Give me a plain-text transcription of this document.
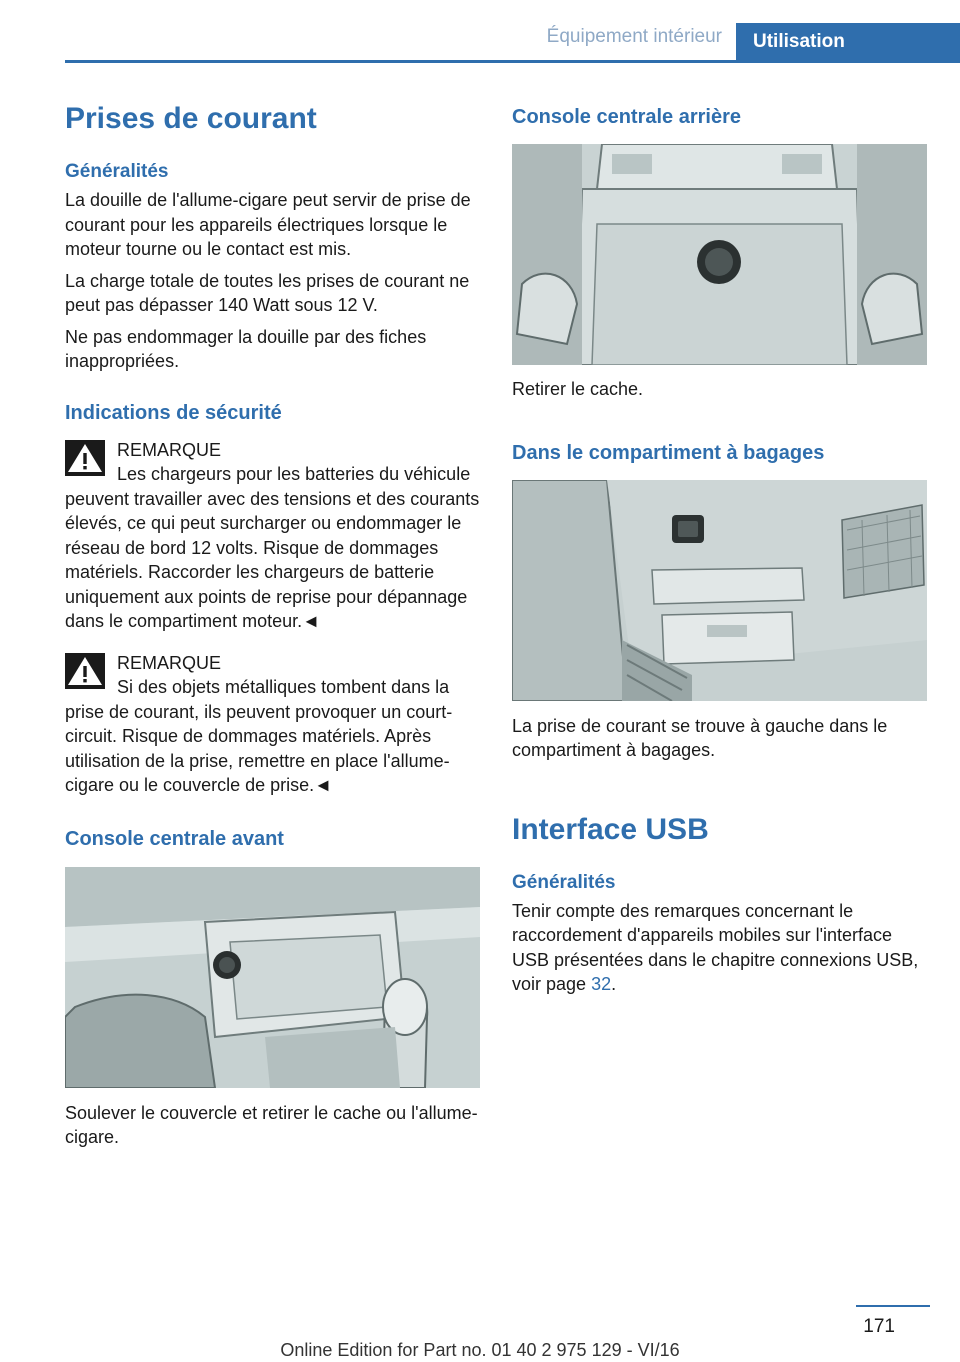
Équipement intérieur	Utilisation
Prises de courant
Généralités

La douille de l'allume-cigare peut servir de prise de courant pour les appareils électriques lorsque le moteur tourne ou le contact est mis.

La charge totale de toutes les prises de courant ne peut pas dépasser 140 Watt sous 12 V.

Ne pas endommager la douille par des fiches inappropriées.

Indications de sécurité
REMARQUE
Les chargeurs pour les batteries du véhicule peuvent travailler avec des tensions et des courants élevés, ce qui peut surcharger ou endommager le réseau de bord 12 volts. Risque de dommages matériels. Raccorder les chargeurs de batterie uniquement aux points de reprise pour dépannage dans le compartiment moteur.◄
REMARQUE
Si des objets métalliques tombent dans la prise de courant, ils peuvent provoquer un court-circuit. Risque de dommages matériels. Après utilisation de la prise, remettre en place l'allume-cigare ou le couvercle de prise.◄
Console centrale avant

Soulever le couvercle et retirer le cache ou l'allume-cigare.

Console centrale arrière

Retirer le cache.

Dans le compartiment à bagages

La prise de courant se trouve à gauche dans le compartiment à bagages.

Interface USB
Généralités

Tenir compte des remarques concernant le raccordement d'appareils mobiles sur l'interface USB présentées dans le chapitre connexions USB, voir page 32.

171
Online Edition for Part no. 01 40 2 975 129 - VI/16
